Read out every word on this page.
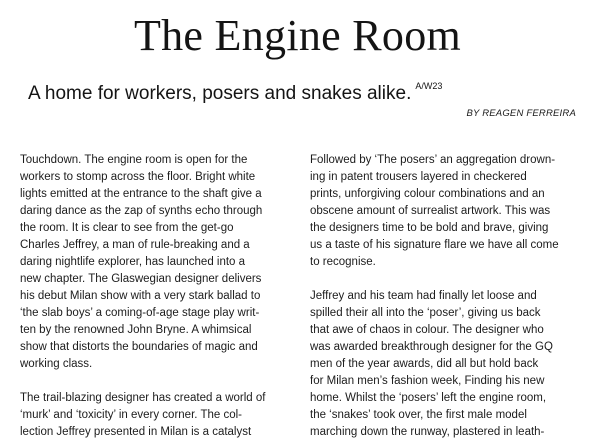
The Engine Room
A home for workers, posers and snakes alike. $^{A/W23}$
BY REAGEN FERREIRA
Touchdown. The engine room is open for the
workers to stomp across the floor. Bright white
lights emitted at the entrance to the shaft give a
daring dance as the zap of synths echo through
the room. It is clear to see from the get-go
Charles Jeffrey, a man of rule-breaking and a
daring nightlife explorer, has launched into a
new chapter. The Glaswegian designer delivers
his debut Milan show with a very stark ballad to
‘the slab boys’ a coming-of-age stage play writ-
ten by the renowned John Bryne. A whimsical
show that distorts the boundaries of magic and
working class.
The trail-blazing designer has created a world of
‘murk’ and ‘toxicity’ in every corner. The col-
lection Jeffrey presented in Milan is a catalyst
Followed by ‘The posers’ an aggregation drown-
ing in patent trousers layered in checkered
prints, unforgiving colour combinations and an
obscene amount of surrealist artwork. This was
the designers time to be bold and brave, giving
us a taste of his signature flare we have all come
to recognise.
Jeffrey and his team had finally let loose and
spilled their all into the ‘poser’, giving us back
that awe of chaos in colour. The designer who
was awarded breakthrough designer for the GQ
men of the year awards, did all but hold back
for Milan men’s fashion week, Finding his new
home. Whilst the ‘posers’ left the engine room,
the ‘snakes’ took over, the first male model
marching down the runway, plastered in leath-
